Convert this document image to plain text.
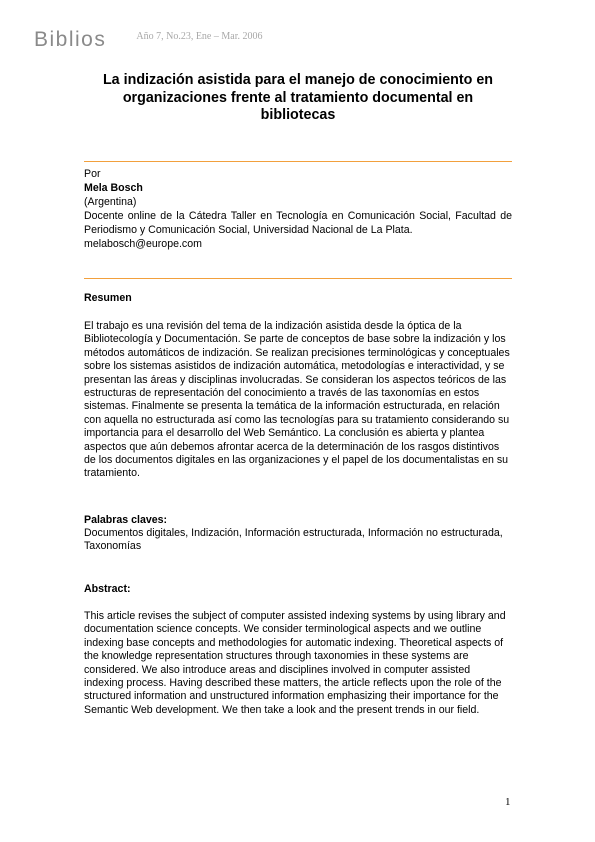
Biblios	Año 7, No.23, Ene – Mar. 2006
La indización asistida para el manejo de conocimiento en organizaciones frente al tratamiento documental en bibliotecas
Por
Mela Bosch
(Argentina)
Docente online de la Cátedra Taller en Tecnología en Comunicación Social, Facultad de Periodismo y Comunicación Social, Universidad Nacional de La Plata.
melabosch@europe.com
Resumen
El trabajo es una revisión del tema de la indización asistida desde la óptica de la Bibliotecología y Documentación. Se parte de conceptos de base sobre la indización y los métodos automáticos de indización. Se realizan precisiones terminológicas y conceptuales sobre los sistemas asistidos de indización automática, metodologías e interactividad, y se presentan las áreas y disciplinas involucradas. Se consideran los aspectos teóricos de las estructuras de representación del conocimiento a través de las taxonomías en estos sistemas. Finalmente se presenta la temática de la información estructurada, en relación con aquella no estructurada así como las tecnologías para su tratamiento considerando su importancia para el desarrollo del Web Semántico. La conclusión es abierta y plantea aspectos que aún debemos afrontar acerca de la determinación de los rasgos distintivos de los documentos digitales en las organizaciones y el papel de los documentalistas en su tratamiento.
Palabras claves:
Documentos digitales, Indización, Información estructurada, Información no estructurada, Taxonomías
Abstract:
This article revises the subject of computer assisted indexing systems by using library and documentation science concepts. We consider terminological aspects and we outline indexing base concepts and methodologies for automatic indexing. Theoretical aspects of the knowledge representation structures through taxonomies in these systems are considered. We also introduce areas and disciplines involved in computer assisted indexing process. Having described these matters, the article reflects upon the role of the structured information and unstructured information emphasizing their importance for the Semantic Web development. We then take a look and the present trends in our field.
1
